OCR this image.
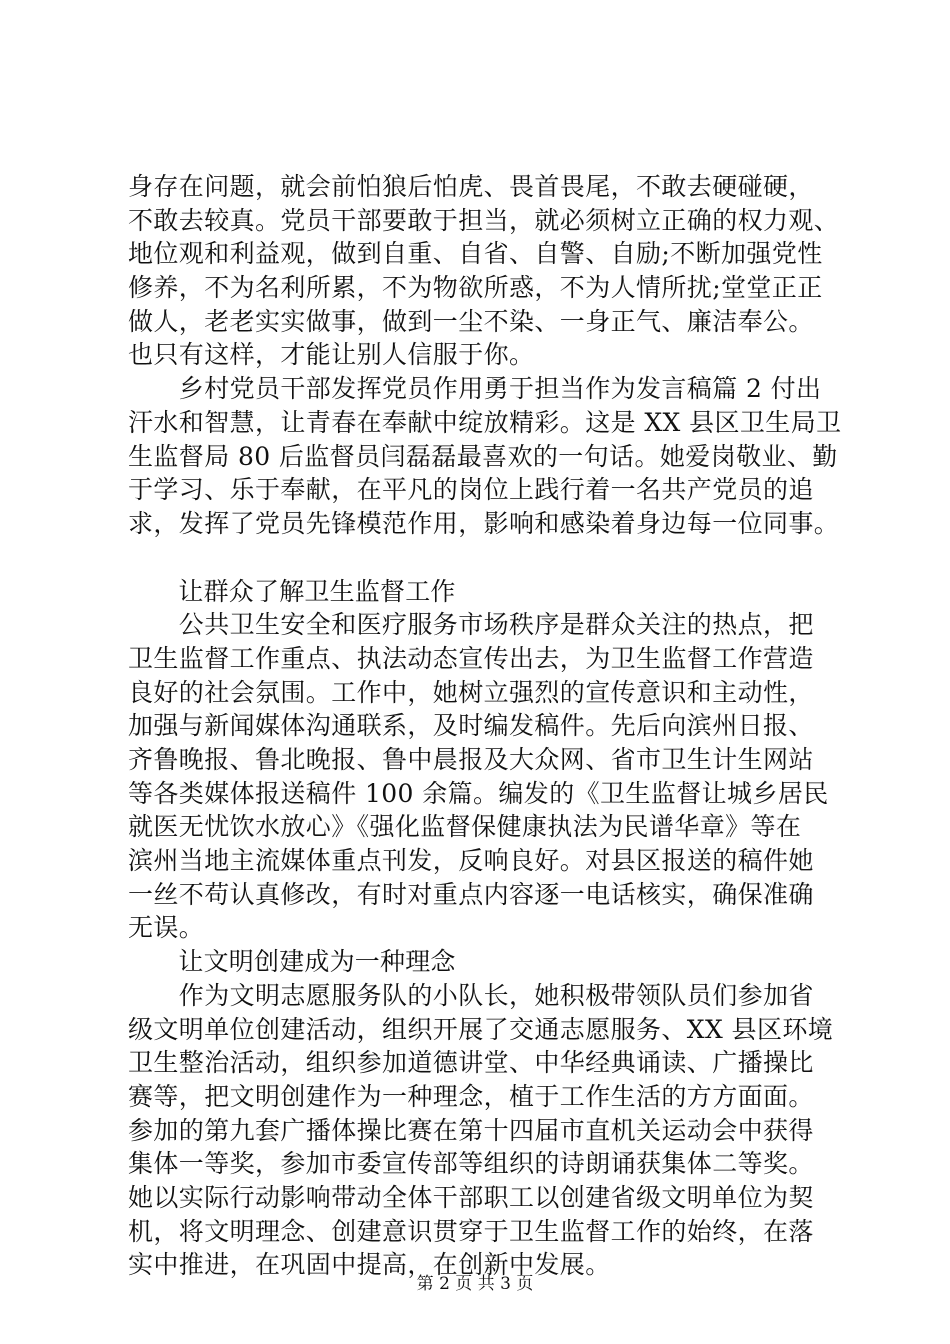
身存在问题，就会前怕狼后怕虎、畏首畏尾，不敢去硬碰硬，
不敢去较真。党员干部要敢于担当，就必须树立正确的权力观、
地位观和利益观，做到自重、自省、自警、自励;不断加强党性
修养，不为名利所累，不为物欲所惑，不为人情所扰;堂堂正正
做人，老老实实做事，做到一尘不染、一身正气、廉洁奉公。
也只有这样，才能让别人信服于你。
　　乡村党员干部发挥党员作用勇于担当作为发言稿篇 2 付出
汗水和智慧，让青春在奉献中绽放精彩。这是 XX 县区卫生局卫
生监督局 80 后监督员闫磊磊最喜欢的一句话。她爱岗敬业、勤
于学习、乐于奉献，在平凡的岗位上践行着一名共产党员的追
求，发挥了党员先锋模范作用，影响和感染着身边每一位同事。
　　让群众了解卫生监督工作
　　公共卫生安全和医疗服务市场秩序是群众关注的热点，把
卫生监督工作重点、执法动态宣传出去，为卫生监督工作营造
良好的社会氛围。工作中，她树立强烈的宣传意识和主动性，
加强与新闻媒体沟通联系，及时编发稿件。先后向滨州日报、
齐鲁晚报、鲁北晚报、鲁中晨报及大众网、省市卫生计生网站
等各类媒体报送稿件 100 余篇。编发的《卫生监督让城乡居民
就医无忧饮水放心》《强化监督保健康执法为民谱华章》等在
滨州当地主流媒体重点刊发，反响良好。对县区报送的稿件她
一丝不苟认真修改，有时对重点内容逐一电话核实，确保准确
无误。
　　让文明创建成为一种理念
　　作为文明志愿服务队的小队长，她积极带领队员们参加省
级文明单位创建活动，组织开展了交通志愿服务、XX 县区环境
卫生整治活动，组织参加道德讲堂、中华经典诵读、广播操比
赛等，把文明创建作为一种理念，植于工作生活的方方面面。
参加的第九套广播体操比赛在第十四届市直机关运动会中获得
集体一等奖，参加市委宣传部等组织的诗朗诵获集体二等奖。
她以实际行动影响带动全体干部职工以创建省级文明单位为契
机，将文明理念、创建意识贯穿于卫生监督工作的始终，在落
实中推进，在巩固中提高，在创新中发展。
第 2 页 共 3 页
